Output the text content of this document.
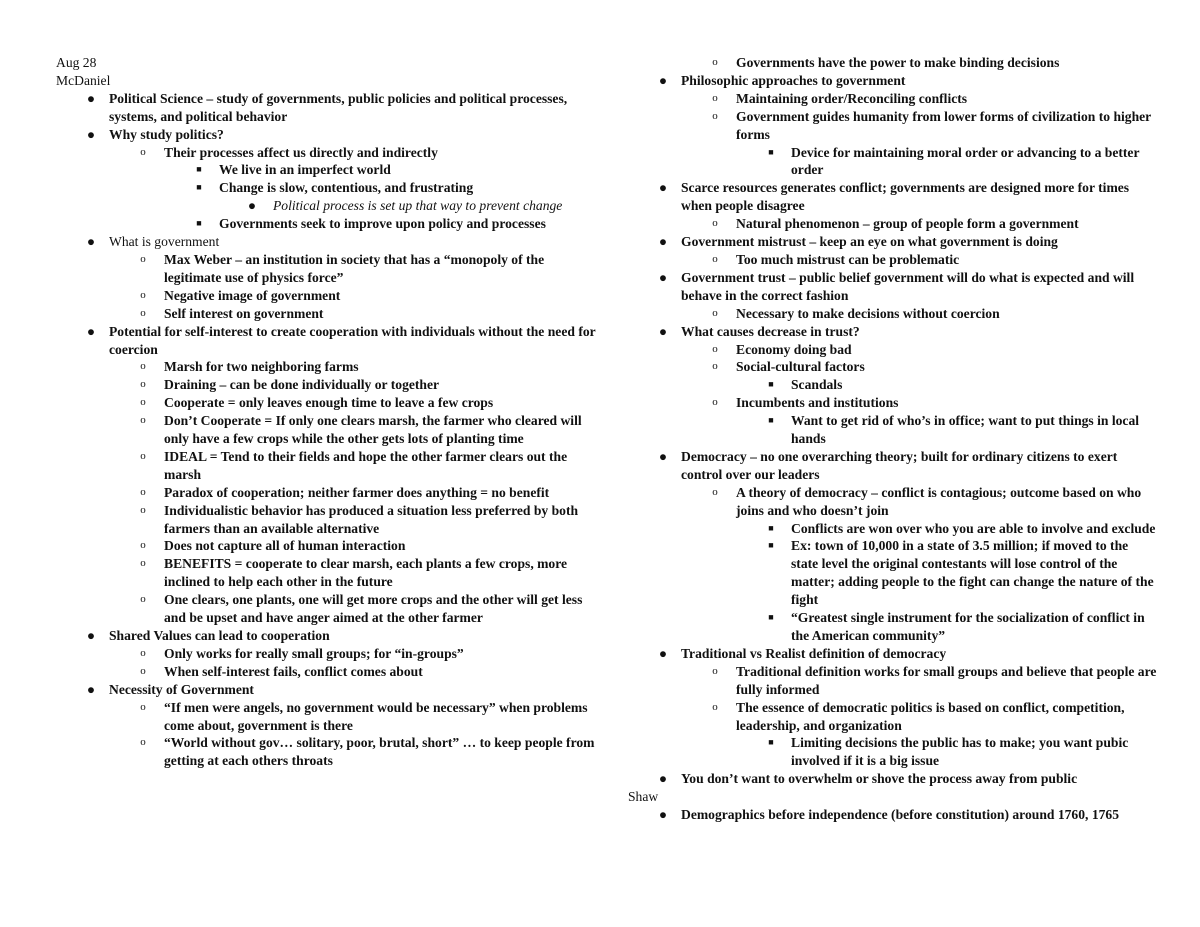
Aug 28
McDaniel
● Political Science – study of governments, public policies and political processes, systems, and political behavior
● Why study politics?
o	Their processes affect us directly and indirectly
■	We live in an imperfect world
■	Change is slow, contentious, and frustrating
● Political process is set up that way to prevent change
■	Governments seek to improve upon policy and processes
● What is government
o	Max Weber – an institution in society that has a “monopoly of the legitimate use of physics force”
o	Negative image of government
o	Self interest on government
● Potential for self-interest to create cooperation with individuals without the need for coercion
o	Marsh for two neighboring farms
o	Draining – can be done individually or together
o	Cooperate = only leaves enough time to leave a few crops
o	Don’t Cooperate = If only one clears marsh, the farmer who cleared will only have a few crops while the other gets lots of planting time
o	IDEAL = Tend to their fields and hope the other farmer clears out the marsh
o	Paradox of cooperation; neither farmer does anything = no benefit
o	Individualistic behavior has produced a situation less preferred by both farmers than an available alternative
o	Does not capture all of human interaction
o	BENEFITS = cooperate to clear marsh, each plants a few crops, more inclined to help each other in the future
o	One clears, one plants, one will get more crops and the other will get less and be upset and have anger aimed at the other farmer
● Shared Values can lead to cooperation
o	Only works for really small groups; for “in-groups”
o	When self-interest fails, conflict comes about
● Necessity of Government
o	“If men were angels, no government would be necessary” when problems come about, government is there
o	“World without gov… solitary, poor, brutal, short” … to keep people from getting at each others throats
o	Governments have the power to make binding decisions
● Philosophic approaches to government
o	Maintaining order/Reconciling conflicts
o	Government guides humanity from lower forms of civilization to higher forms
■	Device for maintaining moral order or advancing to a better order
● Scarce resources generates conflict; governments are designed more for times when people disagree
o	Natural phenomenon – group of people form a government
● Government mistrust – keep an eye on what government is doing
o	Too much mistrust can be problematic
● Government trust – public belief government will do what is expected and will behave in the correct fashion
o	Necessary to make decisions without coercion
● What causes decrease in trust?
o	Economy doing bad
o	Social-cultural factors
■	Scandals
o	Incumbents and institutions
■	Want to get rid of who’s in office; want to put things in local hands
● Democracy – no one overarching theory; built for ordinary citizens to exert control over our leaders
o	A theory of democracy – conflict is contagious; outcome based on who joins and who doesn’t join
■	Conflicts are won over who you are able to involve and exclude
■	Ex: town of 10,000 in a state of 3.5 million; if moved to the state level the original contestants will lose control of the matter; adding people to the fight can change the nature of the fight
■	“Greatest single instrument for the socialization of conflict in the American community”
● Traditional vs Realist definition of democracy
o	Traditional definition works for small groups and believe that people are fully informed
o	The essence of democratic politics is based on conflict, competition, leadership, and organization
■	Limiting decisions the public has to make; you want pubic involved if it is a big issue
● You don’t want to overwhelm or shove the process away from public
Shaw
● Demographics before independence (before constitution) around 1760, 1765
